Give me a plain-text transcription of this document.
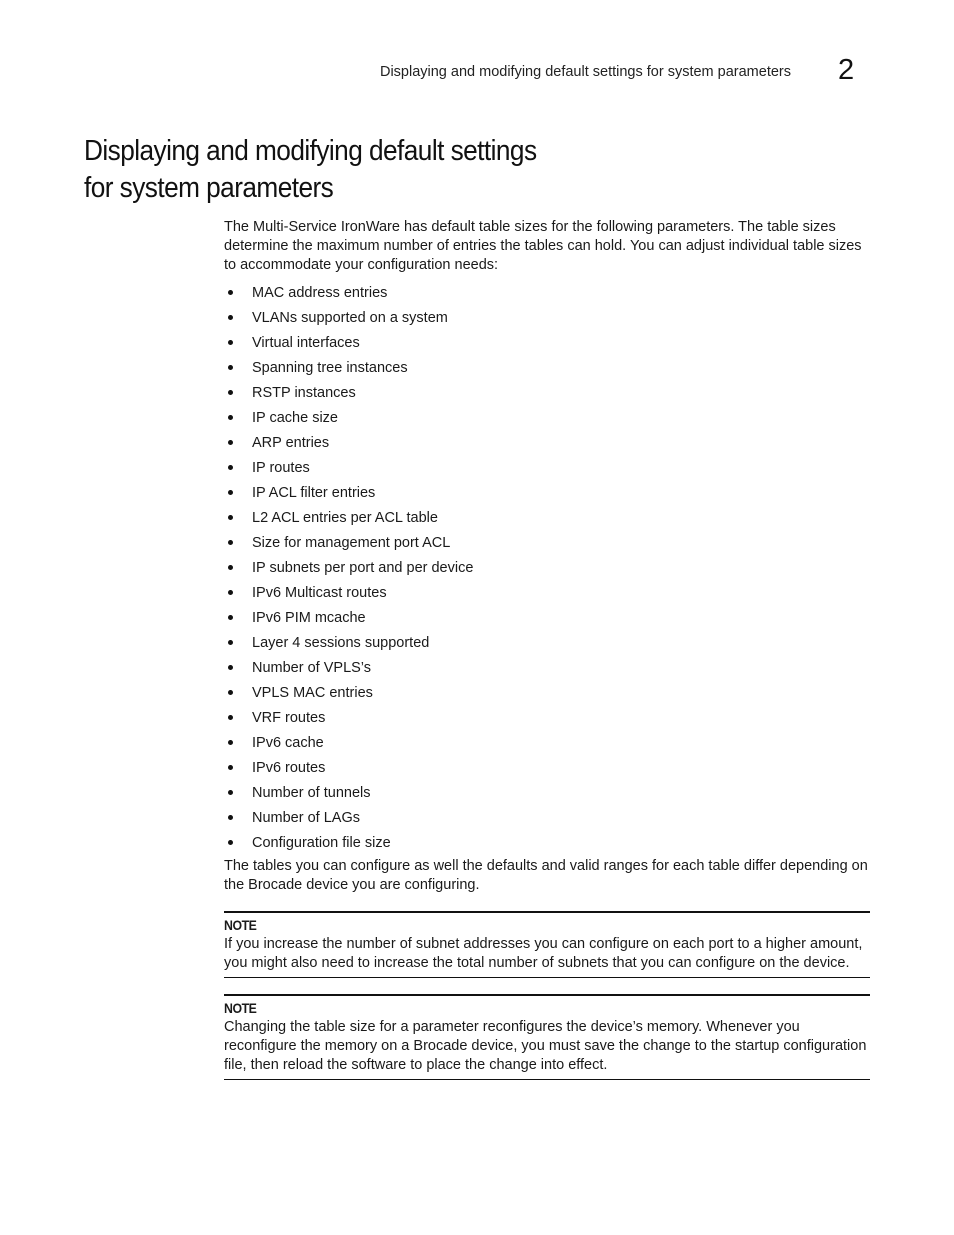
Displaying and modifying default settings for system parameters 2
Displaying and modifying default settings
for system parameters

The Multi-Service IronWare has default table sizes for the following parameters. The table sizes determine the maximum number of entries the tables can hold. You can adjust individual table sizes to accommodate your configuration needs:

MAC address entries
VLANs supported on a system
Virtual interfaces
Spanning tree instances
RSTP instances
IP cache size
ARP entries
IP routes
IP ACL filter entries
L2 ACL entries per ACL table
Size for management port ACL
IP subnets per port and per device
IPv6 Multicast routes
IPv6 PIM mcache
Layer 4 sessions supported
Number of VPLS’s
VPLS MAC entries
VRF routes
IPv6 cache
IPv6 routes
Number of tunnels
Number of LAGs
Configuration file size

The tables you can configure as well the defaults and valid ranges for each table differ depending on the Brocade device you are configuring.

NOTE

If you increase the number of subnet addresses you can configure on each port to a higher amount, you might also need to increase the total number of subnets that you can configure on the device.

NOTE

Changing the table size for a parameter reconfigures the device’s memory. Whenever you reconfigure the memory on a Brocade device, you must save the change to the startup configuration file, then reload the software to place the change into effect.
